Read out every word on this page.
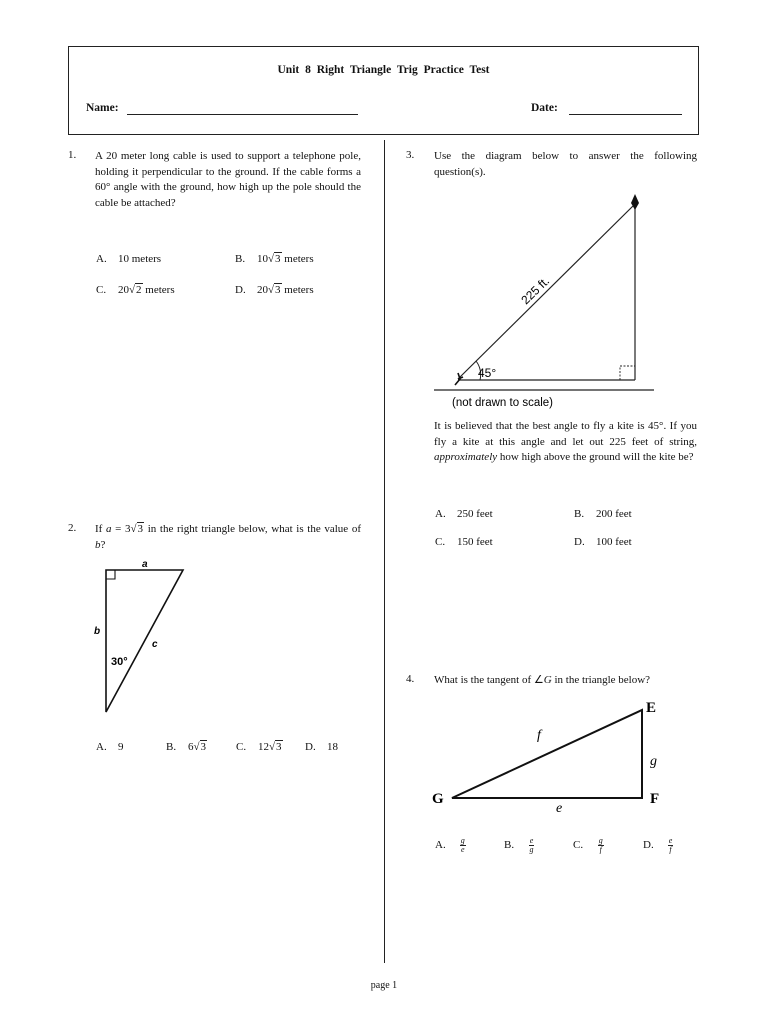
Unit 8 Right Triangle Trig Practice Test
Name:	Date:
1. A 20 meter long cable is used to support a telephone pole, holding it perpendicular to the ground. If the cable forms a 60° angle with the ground, how high up the pole should the cable be attached?
A. 10 meters	B. 10√3 meters
C. 20√2 meters	D. 20√3 meters
2. If a = 3√3 in the right triangle below, what is the value of b?
a
b
c
30°
A. 9	B. 6√3	C. 12√3 D. 18
3. Use the diagram below to answer the following question(s).
45°
225 ft.
(not drawn to scale)
It is believed that the best angle to fly a kite is 45°. If you fly a kite at this angle and let out 225 feet of string, approximately how high above the ground will the kite be?
A. 250 feet	B. 200 feet
C. 150 feet	D. 100 feet
4. What is the tangent of ∠G in the triangle below?
E
F
G
f
g
e
A. $\frac{g}{e}$	B. $\frac{e}{g}$	C. $\frac{g}{f}$	D. $\frac{e}{f}$
page 1
